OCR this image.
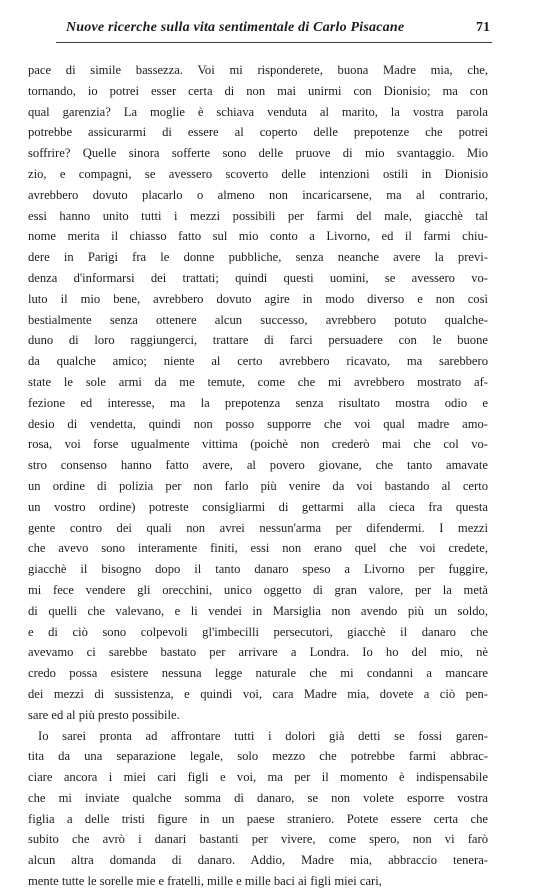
Nuove ricerche sulla vita sentimentale di Carlo Pisacane	71
pace di simile bassezza. Voi mi risponderete, buona Madre mia, che,
tornando, io potrei esser certa di non mai unirmi con Dionisio; ma con
qual garenzia? La moglie è schiava venduta al marito, la vostra parola
potrebbe assicurarmi di essere al coperto delle prepotenze che potrei
soffrire? Quelle sinora sofferte sono delle pruove di mio svantaggio. Mio
zio, e compagni, se avessero scoverto delle intenzioni ostili in Dionisio
avrebbero dovuto placarlo o almeno non incaricarsene, ma al contrario,
essi hanno unito tutti i mezzi possibili per farmi del male, giacchè tal
nome merita il chiasso fatto sul mio conto a Livorno, ed il farmi chiu-
dere in Parigi fra le donne pubbliche, senza neanche avere la previ-
denza d'informarsi dei trattati; quindi questi uomini, se avessero vo-
luto il mio bene, avrebbero dovuto agire in modo diverso e non così
bestialmente senza ottenere alcun successo, avrebbero potuto qualche-
duno di loro raggiungerci, trattare di farci persuadere con le buone
da qualche amico; niente al certo avrebbero ricavato, ma sarebbero
state le sole armi da me temute, come che mi avrebbero mostrato af-
fezione ed interesse, ma la prepotenza senza risultato mostra odio e
desio di vendetta, quindi non posso supporre che voi qual madre amo-
rosa, voi forse ugualmente vittima (poichè non crederò mai che col vo-
stro consenso hanno fatto avere, al povero giovane, che tanto amavate
un ordine di polizia per non farlo più venire da voi bastando al certo
un vostro ordine) potreste consigliarmi di gettarmi alla cieca fra questa
gente contro dei quali non avrei nessun'arma per difendermi. I mezzi
che avevo sono interamente finiti, essi non erano quel che voi credete,
giacchè il bisogno dopo il tanto danaro speso a Livorno per fuggire,
mi fece vendere gli orecchini, unico oggetto di gran valore, per la metà
di quelli che valevano, e li vendei in Marsiglia non avendo più un soldo,
e di ciò sono colpevoli gl'imbecilli persecutori, giacchè il danaro che
avevamo ci sarebbe bastato per arrivare a Londra. Io ho del mio, nè
credo possa esistere nessuna legge naturale che mi condanni a mancare
dei mezzi di sussistenza, e quindi voi, cara Madre mia, dovete a ciò pen-
sare ed al più presto possibile.
Io sarei pronta ad affrontare tutti i dolori già detti se fossi garen-
tita da una separazione legale, solo mezzo che potrebbe farmi abbrac-
ciare ancora i miei cari figli e voi, ma per il momento è indispensabile
che mi inviate qualche somma di danaro, se non volete esporre vostra
figlia a delle tristi figure in un paese straniero. Potete essere certa che
subito che avrò i danari bastanti per vivere, come spero, non vi farò
alcun altra domanda di danaro. Addio, Madre mia, abbraccio tenera-
mente tutte le sorelle mie e fratelli, mille e mille baci ai figli miei cari,
